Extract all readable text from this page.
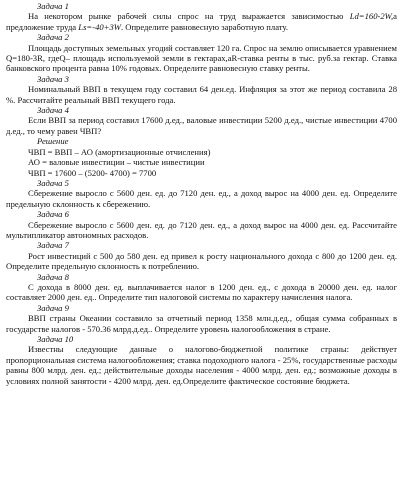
Задача 1
На некотором рынке рабочей силы спрос на труд выражается зависимостью Ld=160-2W,а предложение труда Ls=-40+3W. Определите равновесную заработную плату.
Задача 2
Площадь доступных земельных угодий составляет 120 га. Спрос на землю описывается уравнением Q=180-3R, гдеQ– площадь используемой земли в гектарах,aR-ставка ренты в тыс. руб.за гектар. Ставка банковского процента равна 10% годовых. Определите равновесную ставку ренты.
Задача 3
Номинальный ВВП в текущем году составил 64 ден.ед. Инфляция за этот же период составила 28 %. Рассчитайте реальный ВВП текущего года.
Задача 4
Если ВВП за период составил 17600 д.ед., валовые инвестиции 5200 д.ед., чистые инвестиции 4700 д.ед., то чему равен ЧВП?
Решение
ЧВП = ВВП – АО (амортизационные отчисления)
АО = валовые инвестиции – чистые инвестиции
ЧВП = 17600 – (5200- 4700) = 7700
Задача 5
Сбережение выросло с 5600 ден. ед. до 7120 ден. ед., а доход вырос на 4000 ден. ед. Определите предельную склонность к сбережению.
Задача 6
Сбережение выросло с 5600 ден. ед. до 7120 ден. ед., а доход вырос на 4000 ден. ед. Рассчитайте мультипликатор автономных расходов.
Задача 7
Рост инвестиций с 500 до 580 ден. ед привел к росту национального дохода с 800 до 1200 ден. ед. Определите предельную склонность к потреблению.
Задача 8
С дохода в 8000 ден. ед. выплачивается налог в 1200 ден. ед., с дохода в 20000 ден. ед. налог составляет 2000 ден. ед.. Определите тип налоговой системы по характеру начисления налога.
Задача 9
ВВП страны Океании составило за отчетный период 1358 млн.д.ед., общая сумма собранных в государстве налогов - 570.36 млрд.д.ед.. Определите уровень налогообложения в стране.
Задача 10
Известны следующие данные о налогово-бюджетной политике страны: действует пропорциональная система налогообложения; ставка подоходного налога - 25%, государственные расходы равны 800 млрд. ден. ед.; действительные доходы населения - 4000 млрд. ден. ед.; возможные доходы в условиях полной занятости - 4200 млрд. ден. ед.Определите фактическое состояние бюджета.
